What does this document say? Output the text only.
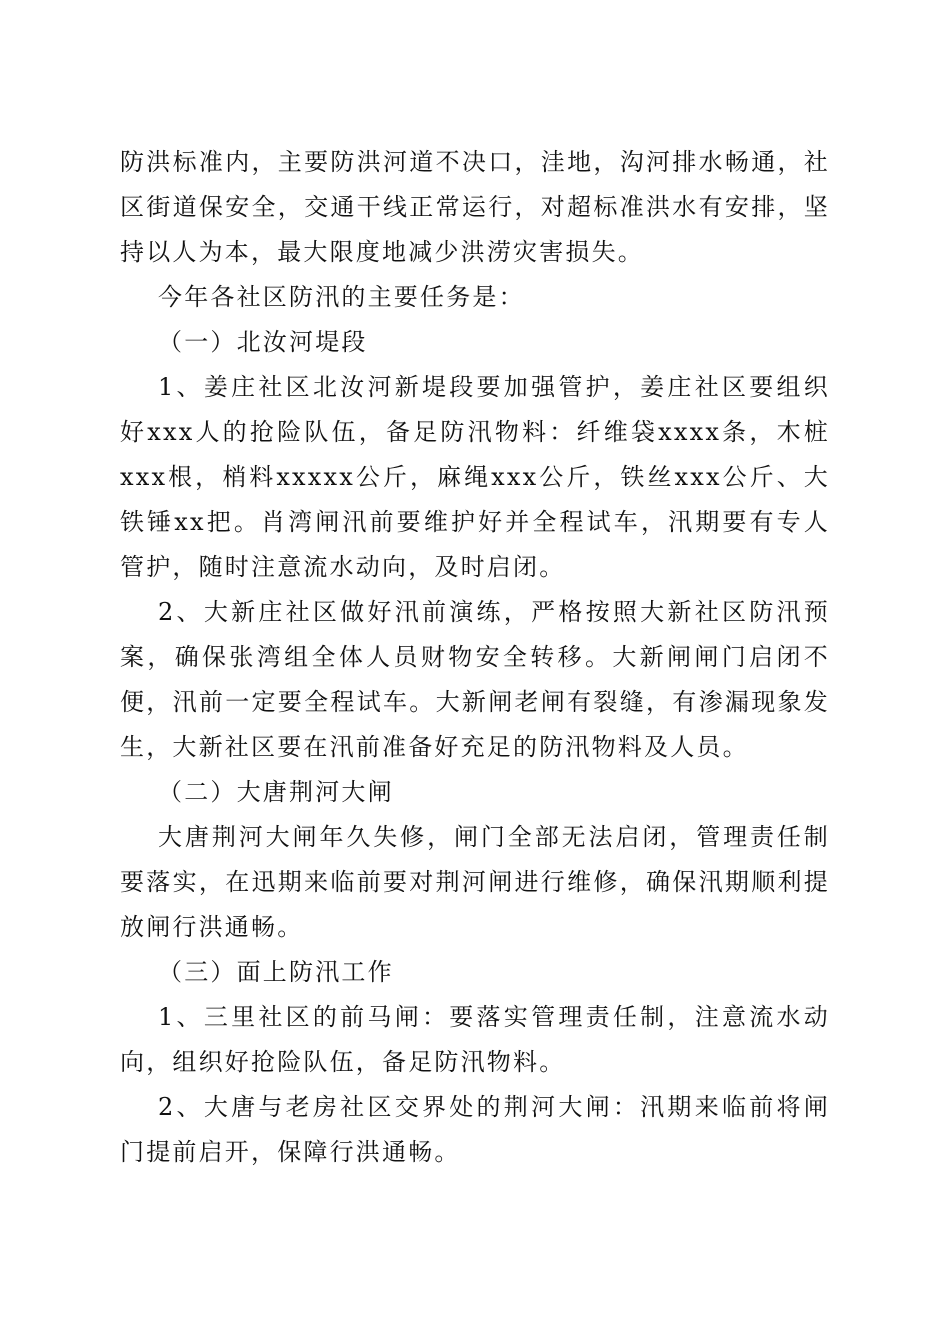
防洪标准内，主要防洪河道不决口，洼地，沟河排水畅通，社区街道保安全，交通干线正常运行，对超标准洪水有安排，坚持以人为本，最大限度地减少洪涝灾害损失。

今年各社区防汛的主要任务是：

（一）北汝河堤段

1、姜庄社区北汝河新堤段要加强管护，姜庄社区要组织好xxx人的抢险队伍，备足防汛物料：纤维袋xxxx条，木桩xxx根，梢料xxxxx公斤，麻绳xxx公斤，铁丝xxx公斤、大铁锤xx把。肖湾闸汛前要维护好并全程试车，汛期要有专人管护，随时注意流水动向，及时启闭。

2、大新庄社区做好汛前演练，严格按照大新社区防汛预案，确保张湾组全体人员财物安全转移。大新闸闸门启闭不便，汛前一定要全程试车。大新闸老闸有裂缝，有渗漏现象发生，大新社区要在汛前准备好充足的防汛物料及人员。

（二）大唐荆河大闸

大唐荆河大闸年久失修，闸门全部无法启闭，管理责任制要落实，在迅期来临前要对荆河闸进行维修，确保汛期顺利提放闸行洪通畅。

（三）面上防汛工作

1、三里社区的前马闸：要落实管理责任制，注意流水动向，组织好抢险队伍，备足防汛物料。

2、大唐与老房社区交界处的荆河大闸：汛期来临前将闸门提前启开，保障行洪通畅。
